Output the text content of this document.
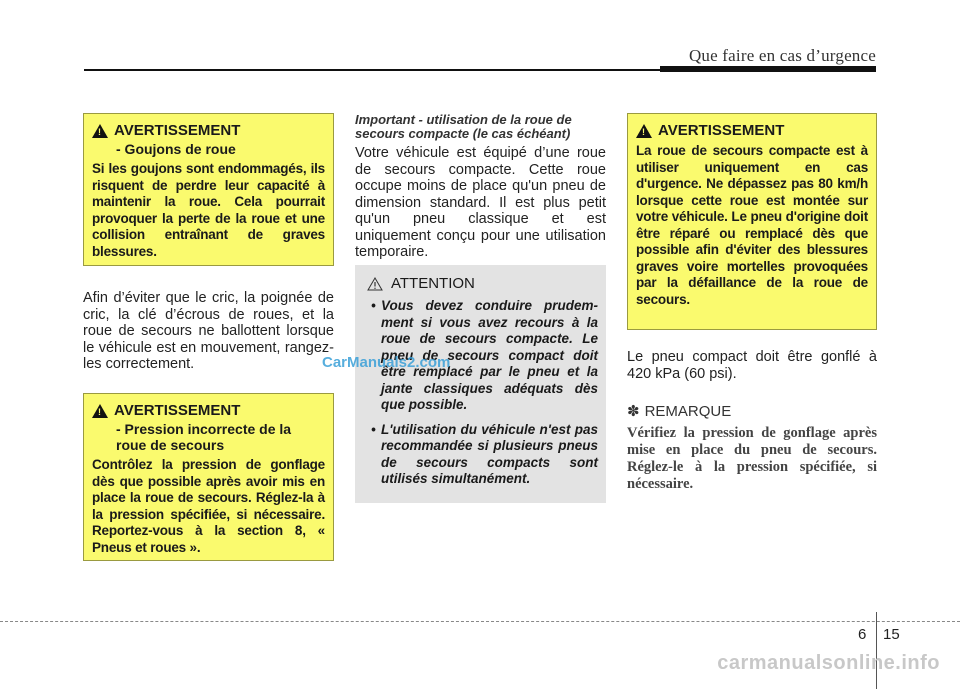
Que faire en cas d’urgence
!
AVERTISSEMENT
- Goujons de roue
Si les goujons sont endommagés, ils risquent de perdre leur capacité à maintenir la roue. Cela pourrait provoquer la perte de la roue et une collision entraînant de graves blessures.
Afin d’éviter que le cric, la poignée de cric, la clé d’écrous de roues, et la roue de secours ne ballottent lorsque le véhicule est en mouvement, rangez-les correctement.
!
AVERTISSEMENT
- Pression incorrecte de la roue de secours
Contrôlez la pression de gonflage dès que possible après avoir mis en place la roue de secours. Réglez-la à la pression spécifiée, si nécessaire. Reportez-vous à la section 8, « Pneus et roues ».
Important - utilisation de la roue de secours compacte (le cas échéant)
Votre véhicule est équipé d’une roue de secours compacte. Cette roue occupe moins de place qu'un pneu de dimension standard. Il est plus petit qu'un pneu classique et est uniquement conçu pour une utilisation temporaire.
ATTENTION
• Vous devez conduire prudem-ment si vous avez recours à la roue de secours compacte. Le pneu de secours compact doit être remplacé par le pneu et la jante classiques adéquats dès que possible.
• L'utilisation du véhicule n'est pas recommandée si plusieurs pneus de secours compacts sont utilisés simultanément.
CarManuals2.com
!
AVERTISSEMENT
La roue de secours compacte est à utiliser uniquement en cas d'urgence. Ne dépassez pas 80 km/h lorsque cette roue est montée sur votre véhicule. Le pneu d'origine doit être réparé ou remplacé dès que possible afin d'éviter des blessures graves voire mortelles provoquées par la défaillance de la roue de secours.
Le pneu compact doit être gonflé à 420 kPa (60 psi).
✽ REMARQUE
Vérifiez la pression de gonflage après mise en place du pneu de secours. Réglez-le à la pression spécifiée, si nécessaire.
6 15
carmanualsonline.info
